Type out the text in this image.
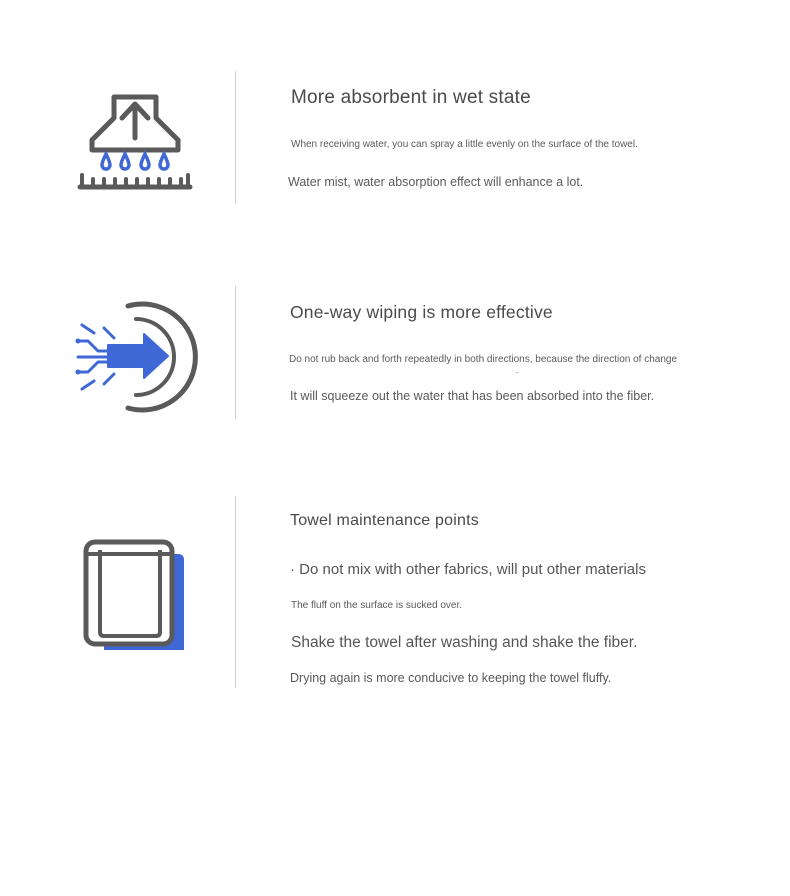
More absorbent in wet state
When receiving water, you can spray a little evenly on the surface of the towel.
Water mist, water absorption effect will enhance a lot.
One-way wiping is more effective
Do not rub back and forth repeatedly in both directions, because the direction of change
It will squeeze out the water that has been absorbed into the fiber.
Towel maintenance points
· Do not mix with other fabrics, will put other materials
The fluff on the surface is sucked over.
Shake the towel after washing and shake the fiber.
Drying again is more conducive to keeping the towel fluffy.
